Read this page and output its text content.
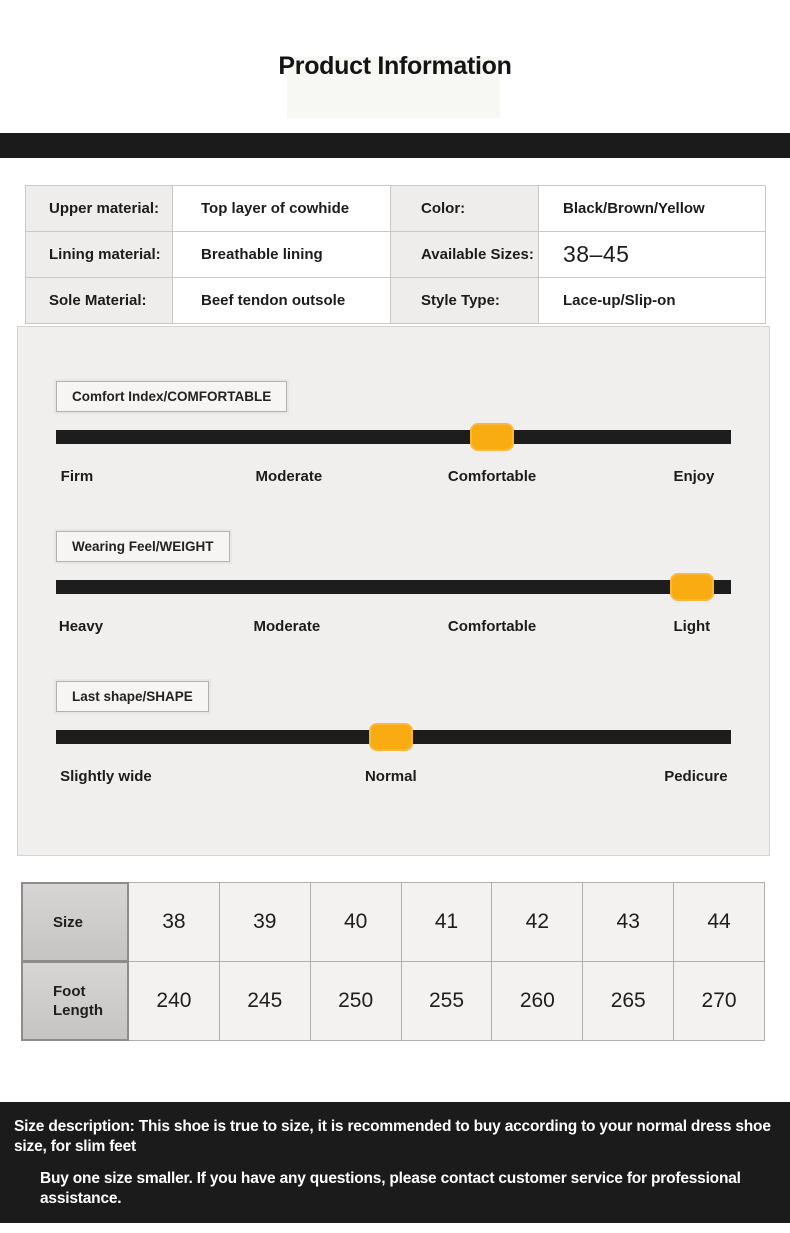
Product Information
Upper material:	Top layer of cowhide	Color:	Black/Brown/Yellow
Lining material:	Breathable lining	Available Sizes:	38–45
Sole Material:	Beef tendon outsole	Style Type:	Lace-up/Slip-on
Comfort Index/COMFORTABLE
Firm	Moderate	Comfortable	Enjoy
Wearing Feel/WEIGHT
Heavy	Moderate	Comfortable	Light
Last shape/SHAPE
Slightly wide	Normal	Pedicure
Size	38	39	40	41	42	43	44
Foot Length	240	245	250	255	260	265	270

Size description: This shoe is true to size, it is recommended to buy according to your normal dress shoe size, for slim feet

Buy one size smaller. If you have any questions, please contact customer service for professional assistance.
